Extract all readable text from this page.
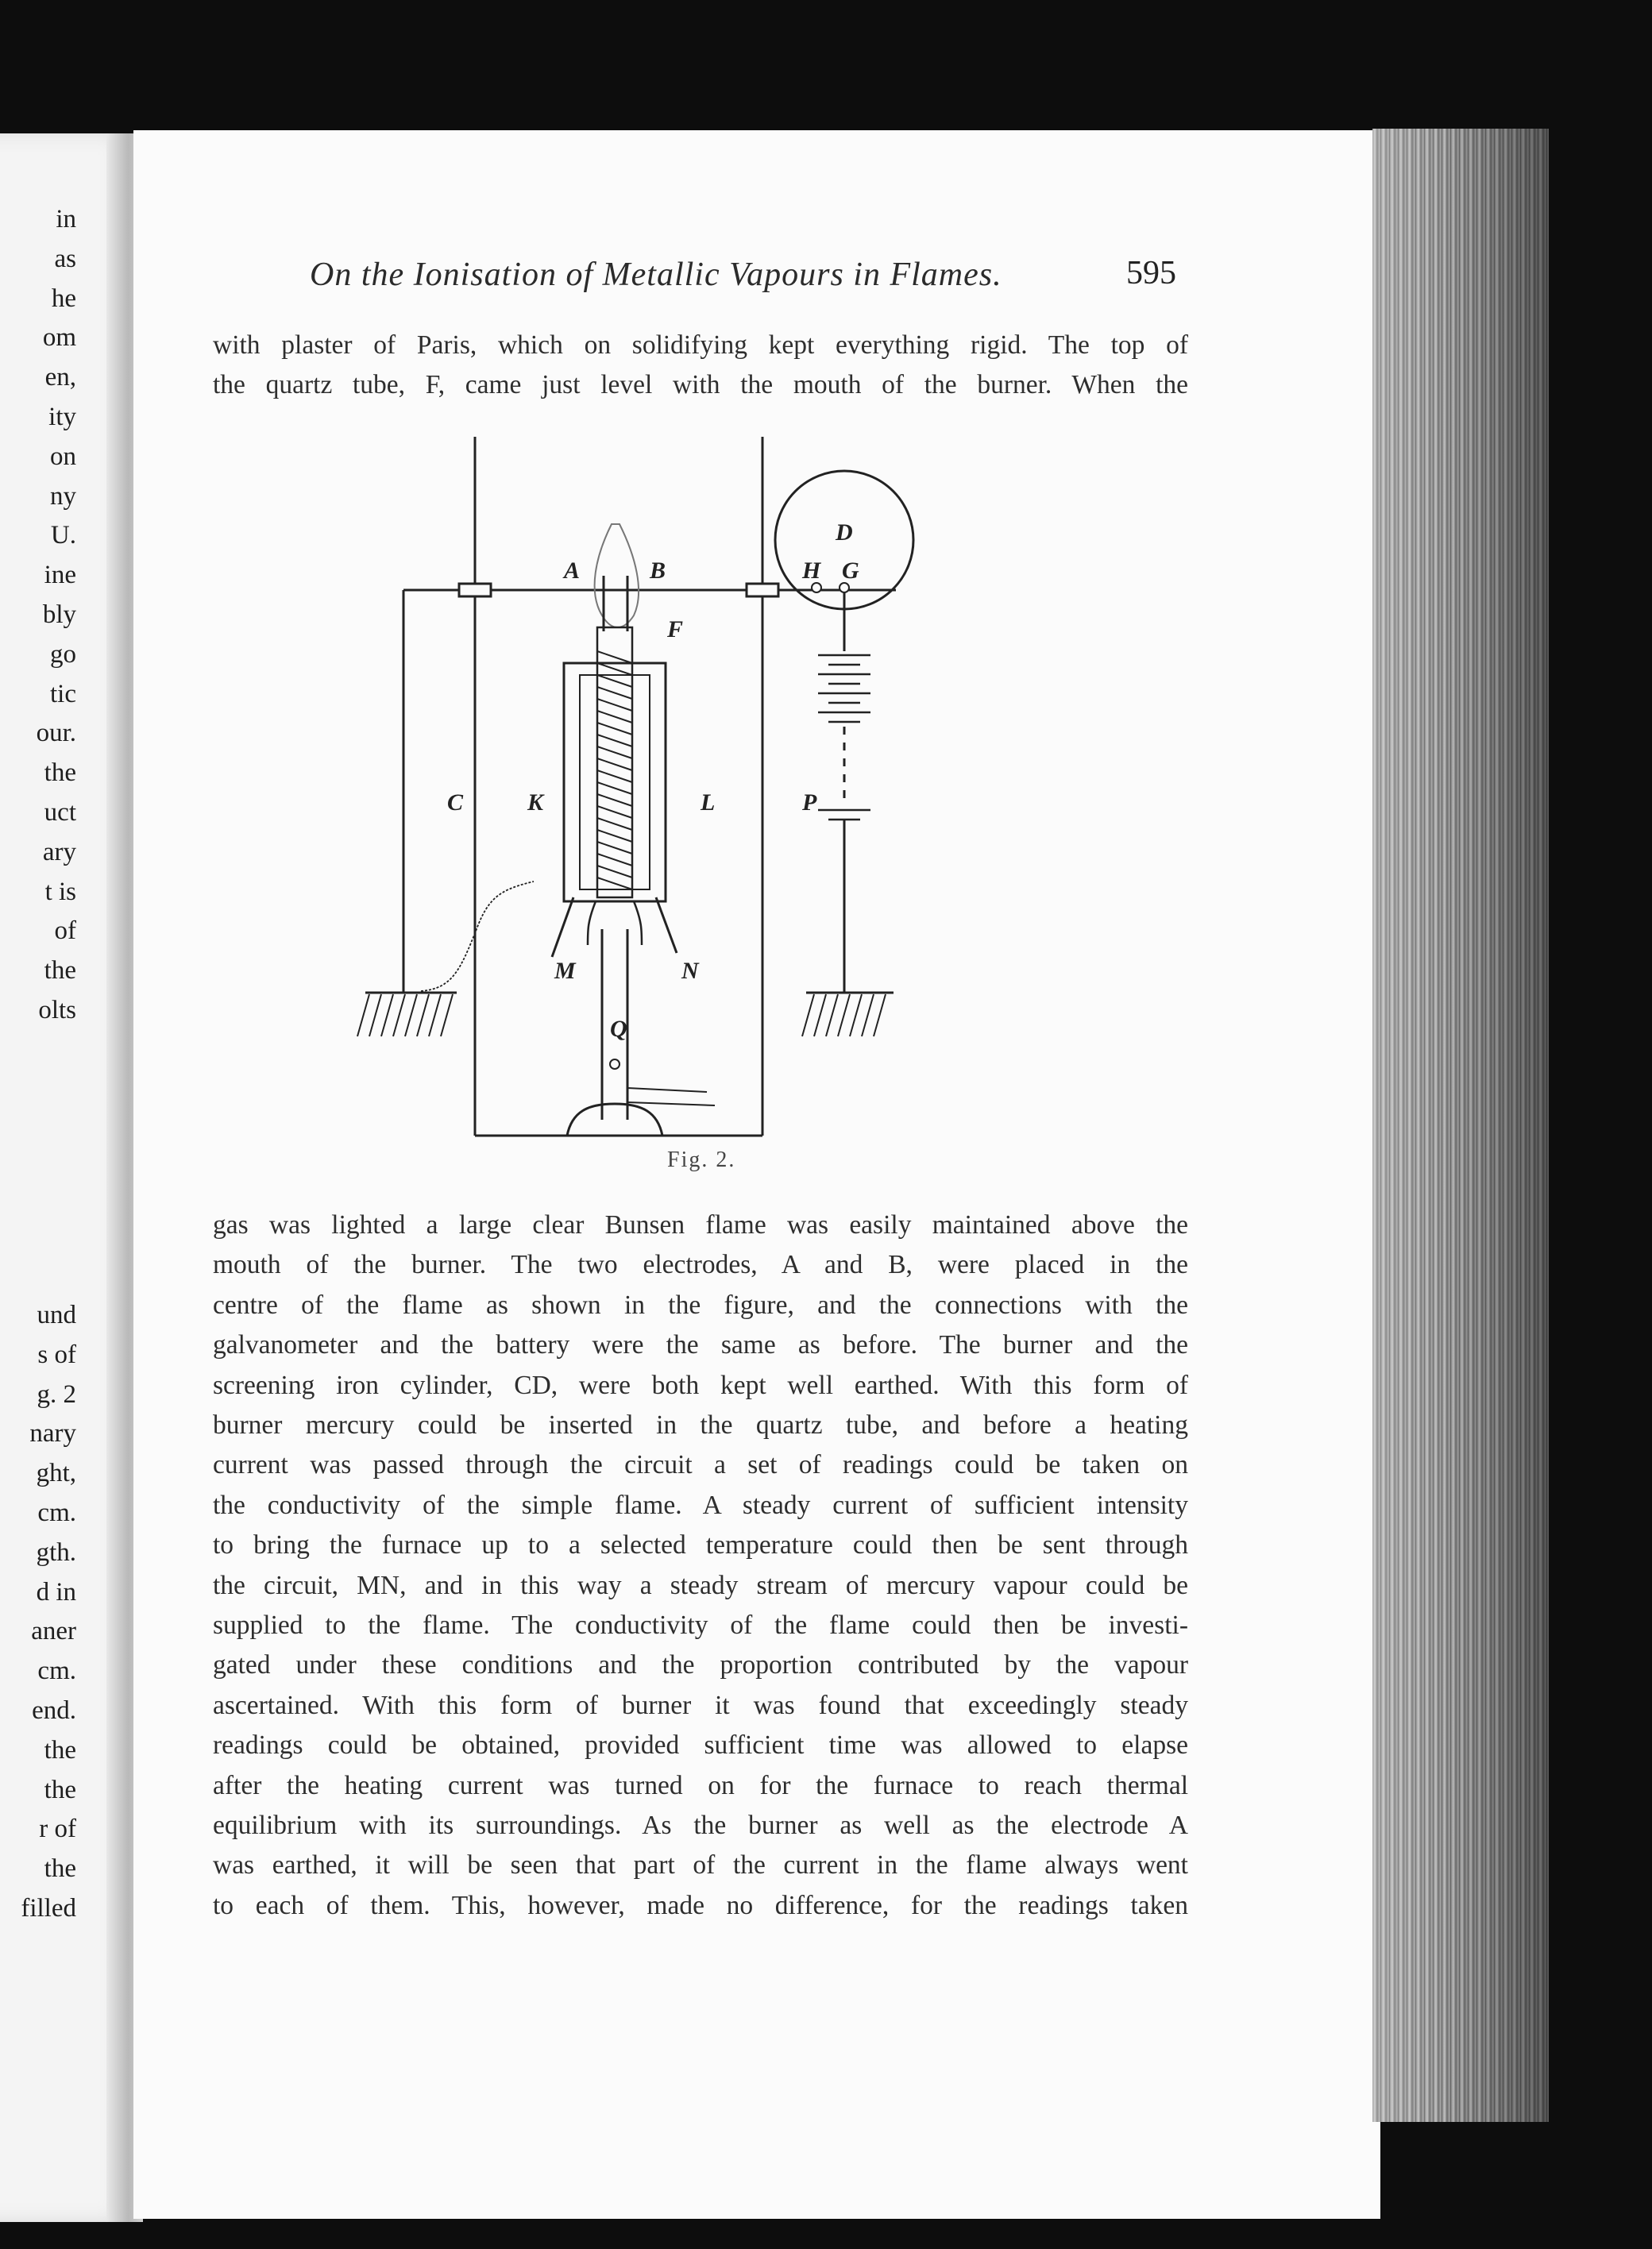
in
as
he
om
en,
ity
on
ny
U.
ine
bly
go
tic
our.
the
uct
ary
t is
of
the
olts
und
s of
g. 2
nary
ght,
cm.
gth.
d in
aner
cm.
end.
the
the
r of
the
filled
On the Ionisation of Metallic Vapours in Flames.	595
with plaster of Paris, which on solidifying kept everything rigid. The top of
the quartz tube, F, came just level with the mouth of the burner. When the
A	B
F
C	K	L	P
M	N
Q
D
H G
Fig. 2.
gas was lighted a large clear Bunsen flame was easily maintained above the
mouth of the burner. The two electrodes, A and B, were placed in the
centre of the flame as shown in the figure, and the connections with the
galvanometer and the battery were the same as before. The burner and the
screening iron cylinder, CD, were both kept well earthed. With this form of
burner mercury could be inserted in the quartz tube, and before a heating
current was passed through the circuit a set of readings could be taken on
the conductivity of the simple flame. A steady current of sufficient intensity
to bring the furnace up to a selected temperature could then be sent through
the circuit, MN, and in this way a steady stream of mercury vapour could be
supplied to the flame. The conductivity of the flame could then be investi-
gated under these conditions and the proportion contributed by the vapour
ascertained. With this form of burner it was found that exceedingly steady
readings could be obtained, provided sufficient time was allowed to elapse
after the heating current was turned on for the furnace to reach thermal
equilibrium with its surroundings. As the burner as well as the electrode A
was earthed, it will be seen that part of the current in the flame always went
to each of them. This, however, made no difference, for the readings taken
